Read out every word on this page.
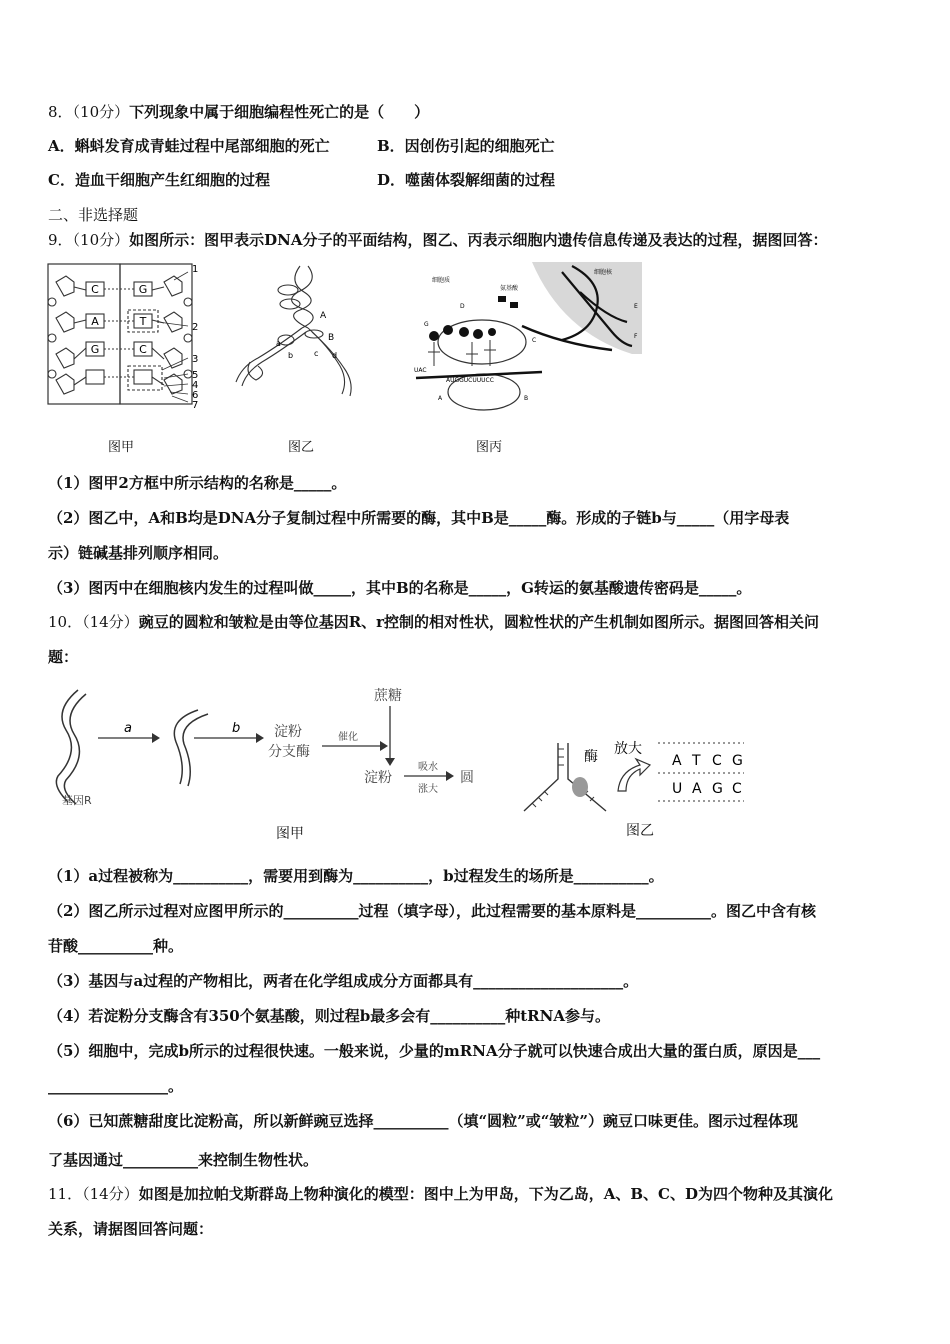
8．（10分）下列现象中属于细胞编程性死亡的是（　　）
A．蝌蚪发育成青蛙过程中尾部细胞的死亡	B．因创伤引起的细胞死亡
C．造血干细胞产生红细胞的过程	D．噬菌体裂解细菌的过程
二、非选择题
9．（10分）如图所示：图甲表示DNA分子的平面结构，图乙、丙表示细胞内遗传信息传递及表达的过程，据图回答：
C
A
G
G
T
C
1
2
3
5
4
6
7
图甲
A
B
a
b	c d
图乙
细胞质
氨基酸
细胞核
UAC
AUGGUCUUUCC
A	B
C
D	E
F
G
图丙
（1）图甲2方框中所示结构的名称是_____。
（2）图乙中，A和B均是DNA分子复制过程中所需要的酶，其中B是_____酶。形成的子链b与_____（用字母表
示）链碱基排列顺序相同。
（3）图丙中在细胞核内发生的过程叫做_____，其中B的名称是_____，G转运的氨基酸遗传密码是_____。
10．（14分）豌豆的圆粒和皱粒是由等位基因R、r控制的相对性状，圆粒性状的产生机制如图所示。据图回答相关问
题：
a	b 淀粉
分支酶
催化
蔗糖
淀粉
吸水
涨大
圆
基因R
图甲
酶 放大
A T C G
U A G C
图乙
（1）a过程被称为__________，需要用到酶为__________，b过程发生的场所是__________。
（2）图乙所示过程对应图甲所示的__________过程（填字母），此过程需要的基本原料是__________。图乙中含有核
苷酸__________种。
（3）基因与a过程的产物相比，两者在化学组成成分方面都具有____________________。
（4）若淀粉分支酶含有350个氨基酸，则过程b最多会有__________种tRNA参与。
（5）细胞中，完成b所示的过程很快速。一般来说，少量的mRNA分子就可以快速合成出大量的蛋白质，原因是___
________________。
（6）已知蔗糖甜度比淀粉高，所以新鲜豌豆选择__________（填“圆粒”或“皱粒”）豌豆口味更佳。图示过程体现
了基因通过__________来控制生物性状。
11．（14分）如图是加拉帕戈斯群岛上物种演化的模型：图中上为甲岛，下为乙岛，A、B、C、D为四个物种及其演化
关系，请据图回答问题：
